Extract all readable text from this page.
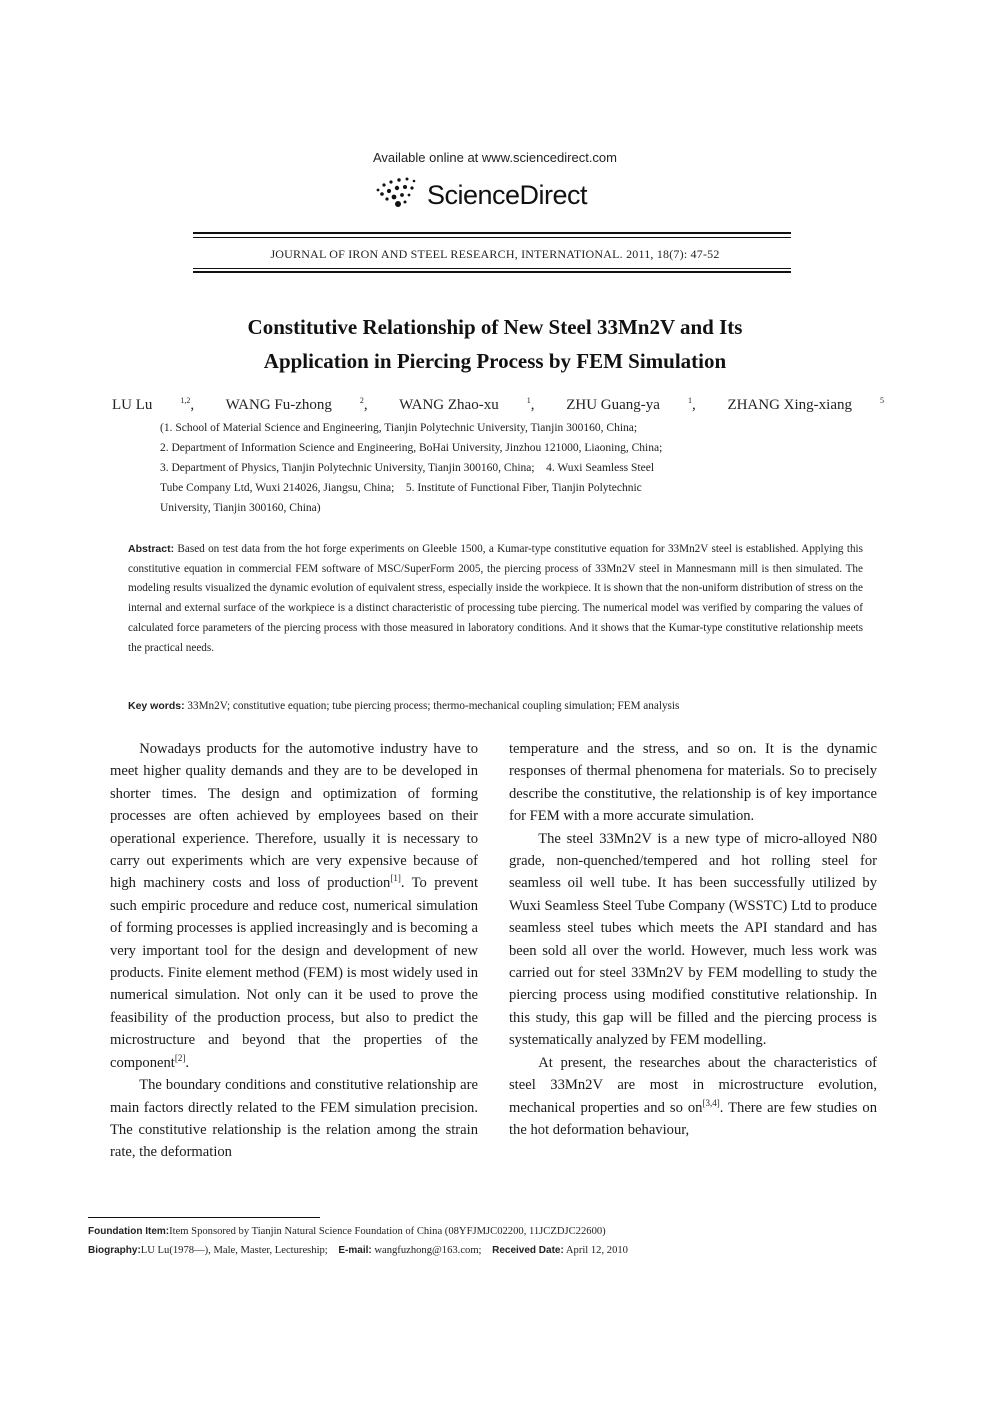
Available online at www.sciencedirect.com
ScienceDirect
JOURNAL OF IRON AND STEEL RESEARCH, INTERNATIONAL. 2011, 18(7): 47-52
Constitutive Relationship of New Steel 33Mn2V and Its
Application in Piercing Process by FEM Simulation
LU Lu	$^{1,2}$, WANG Fu-zhong	$^2$, WANG Zhao-xu	$^1$, ZHU Guang-ya	$^1$, ZHANG Xing-xiang	$^5$
(1. School of Material Science and Engineering, Tianjin Polytechnic University, Tianjin 300160, China;
2. Department of Information Science and Engineering, BoHai University, Jinzhou 121000, Liaoning, China;
3. Department of Physics, Tianjin Polytechnic University, Tianjin 300160, China;    4. Wuxi Seamless Steel
Tube Company Ltd, Wuxi 214026, Jiangsu, China;    5. Institute of Functional Fiber, Tianjin Polytechnic
University, Tianjin 300160, China)
Abstract: Based on test data from the hot forge experiments on Gleeble 1500, a Kumar-type constitutive equation for 33Mn2V steel is established. Applying this constitutive equation in commercial FEM software of MSC/SuperForm 2005, the piercing process of 33Mn2V steel in Mannesmann mill is then simulated. The modeling results visualized the dynamic evolution of equivalent stress, especially inside the workpiece. It is shown that the non-uniform distribution of stress on the internal and external surface of the workpiece is a distinct characteristic of processing tube piercing. The numerical model was verified by comparing the values of calculated force parameters of the piercing process with those measured in laboratory conditions. And it shows that the Kumar-type constitutive relationship meets the practical needs.
Key words: 33Mn2V; constitutive equation; tube piercing process; thermo-mechanical coupling simulation; FEM analysis

Nowadays products for the automotive industry have to meet higher quality demands and they are to be developed in shorter times. The design and optimization of forming processes are often achieved by employees based on their operational experience. Therefore, usually it is necessary to carry out experiments which are very expensive because of high machinery costs and loss of production[1]. To prevent such empiric procedure and reduce cost, numerical simulation of forming processes is applied increasingly and is becoming a very important tool for the design and development of new products. Finite element method (FEM) is most widely used in numerical simulation. Not only can it be used to prove the feasibility of the production process, but also to predict the microstructure and beyond that the properties of the component[2].

The boundary conditions and constitutive relationship are main factors directly related to the FEM simulation precision. The constitutive relationship is the relation among the strain rate, the deformation

temperature and the stress, and so on. It is the dynamic responses of thermal phenomena for materials. So to precisely describe the constitutive, the relationship is of key importance for FEM with a more accurate simulation.

The steel 33Mn2V is a new type of micro-alloyed N80 grade, non-quenched/tempered and hot rolling steel for seamless oil well tube. It has been successfully utilized by Wuxi Seamless Steel Tube Company (WSSTC) Ltd to produce seamless steel tubes which meets the API standard and has been sold all over the world. However, much less work was carried out for steel 33Mn2V by FEM modelling to study the piercing process using modified constitutive relationship. In this study, this gap will be filled and the piercing process is systematically analyzed by FEM modelling.

At present, the researches about the characteristics of steel 33Mn2V are most in microstructure evolution, mechanical properties and so on[3,4]. There are few studies on the hot deformation behaviour,

Foundation Item:Item Sponsored by Tianjin Natural Science Foundation of China (08YFJMJC02200, 11JCZDJC22600)
Biography:LU Lu(1978—), Male, Master, Lectureship; E-mail: wangfuzhong@163.com; Received Date: April 12, 2010
